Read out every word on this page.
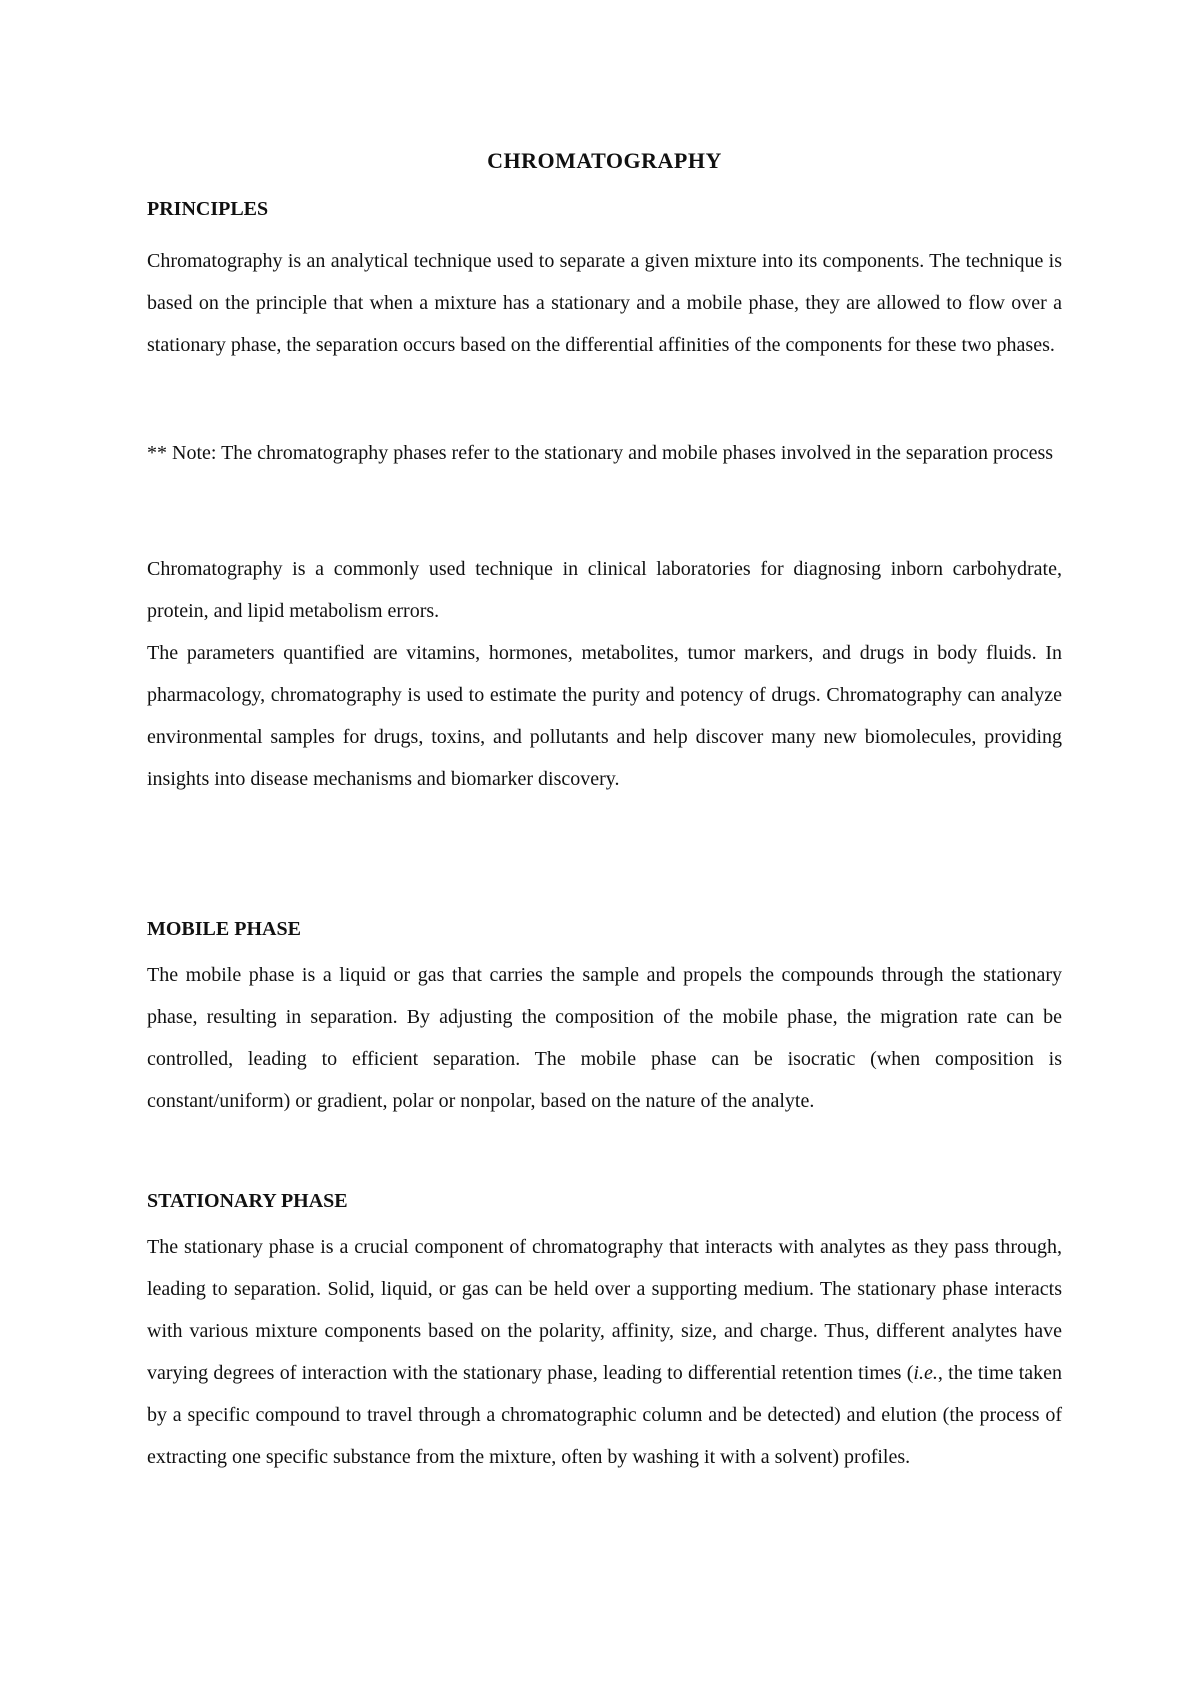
CHROMATOGRAPHY
PRINCIPLES

Chromatography is an analytical technique used to separate a given mixture into its components. The technique is based on the principle that when a mixture has a stationary and a mobile phase, they are allowed to flow over a stationary phase, the separation occurs based on the differential affinities of the components for these two phases.

** Note: The chromatography phases refer to the stationary and mobile phases involved in the separation process

Chromatography is a commonly used technique in clinical laboratories for diagnosing inborn carbohydrate, protein, and lipid metabolism errors.

The parameters quantified are vitamins, hormones, metabolites, tumor markers, and drugs in body fluids. In pharmacology, chromatography is used to estimate the purity and potency of drugs. Chromatography can analyze environmental samples for drugs, toxins, and pollutants and help discover many new biomolecules, providing insights into disease mechanisms and biomarker discovery.

MOBILE PHASE

The mobile phase is a liquid or gas that carries the sample and propels the compounds through the stationary phase, resulting in separation. By adjusting the composition of the mobile phase, the migration rate can be controlled, leading to efficient separation. The mobile phase can be isocratic (when composition is constant/uniform) or gradient, polar or nonpolar, based on the nature of the analyte.

STATIONARY PHASE

The stationary phase is a crucial component of chromatography that interacts with analytes as they pass through, leading to separation. Solid, liquid, or gas can be held over a supporting medium. The stationary phase interacts with various mixture components based on the polarity, affinity, size, and charge. Thus, different analytes have varying degrees of interaction with the stationary phase, leading to differential retention times (i.e., the time taken by a specific compound to travel through a chromatographic column and be detected) and elution (the process of extracting one specific substance from the mixture, often by washing it with a solvent) profiles.
